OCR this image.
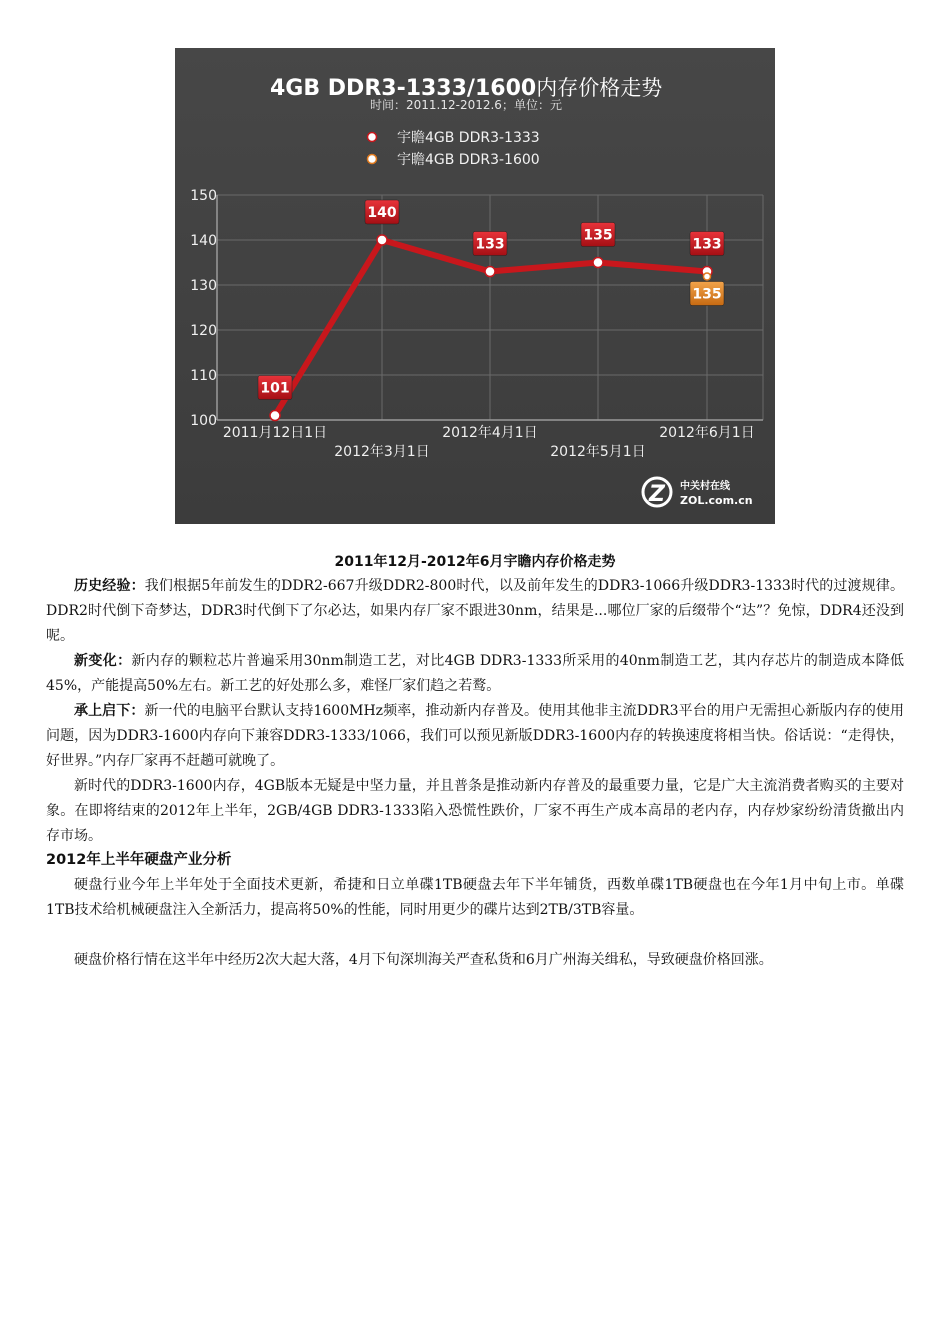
4GB DDR3-1333/1600内存价格走势
时间：2011.12-2012.6；单位：元
宇瞻4GB DDR3-1333
宇瞻4GB DDR3-1600
150
140
130
120
110
100
2011月12日1日
2012年3月1日
2012年4月1日
2012年5月1日
2012年6月1日
101
140
133
135
133
135
Z 中关村在线
ZOL.com.cn
2011年12月-2012年6月宇瞻内存价格走势

历史经验：我们根据5年前发生的DDR2-667升级DDR2-800时代，以及前年发生的DDR3-1066升级DDR3-1333时代的过渡规律。DDR2时代倒下奇梦达，DDR3时代倒下了尔必达，如果内存厂家不跟进30nm，结果是...哪位厂家的后缀带个“达”？免惊，DDR4还没到呢。

新变化：新内存的颗粒芯片普遍采用30nm制造工艺，对比4GB DDR3-1333所采用的40nm制造工艺，其内存芯片的制造成本降低45%，产能提高50%左右。新工艺的好处那么多，难怪厂家们趋之若鹜。

承上启下：新一代的电脑平台默认支持1600MHz频率，推动新内存普及。使用其他非主流DDR3平台的用户无需担心新版内存的使用问题，因为DDR3-1600内存向下兼容DDR3-1333/1066，我们可以预见新版DDR3-1600内存的转换速度将相当快。俗话说：“走得快，好世界。”内存厂家再不赶趟可就晚了。

新时代的DDR3-1600内存，4GB版本无疑是中坚力量，并且普条是推动新内存普及的最重要力量，它是广大主流消费者购买的主要对象。在即将结束的2012年上半年，2GB/4GB DDR3-1333陷入恐慌性跌价，厂家不再生产成本高昂的老内存，内存炒家纷纷清货撤出内存市场。

2012年上半年硬盘产业分析

硬盘行业今年上半年处于全面技术更新，希捷和日立单碟1TB硬盘去年下半年铺货，西数单碟1TB硬盘也在今年1月中旬上市。单碟1TB技术给机械硬盘注入全新活力，提高将50%的性能，同时用更少的碟片达到2TB/3TB容量。

硬盘价格行情在这半年中经历2次大起大落，4月下旬深圳海关严查私货和6月广州海关缉私，导致硬盘价格回涨。
